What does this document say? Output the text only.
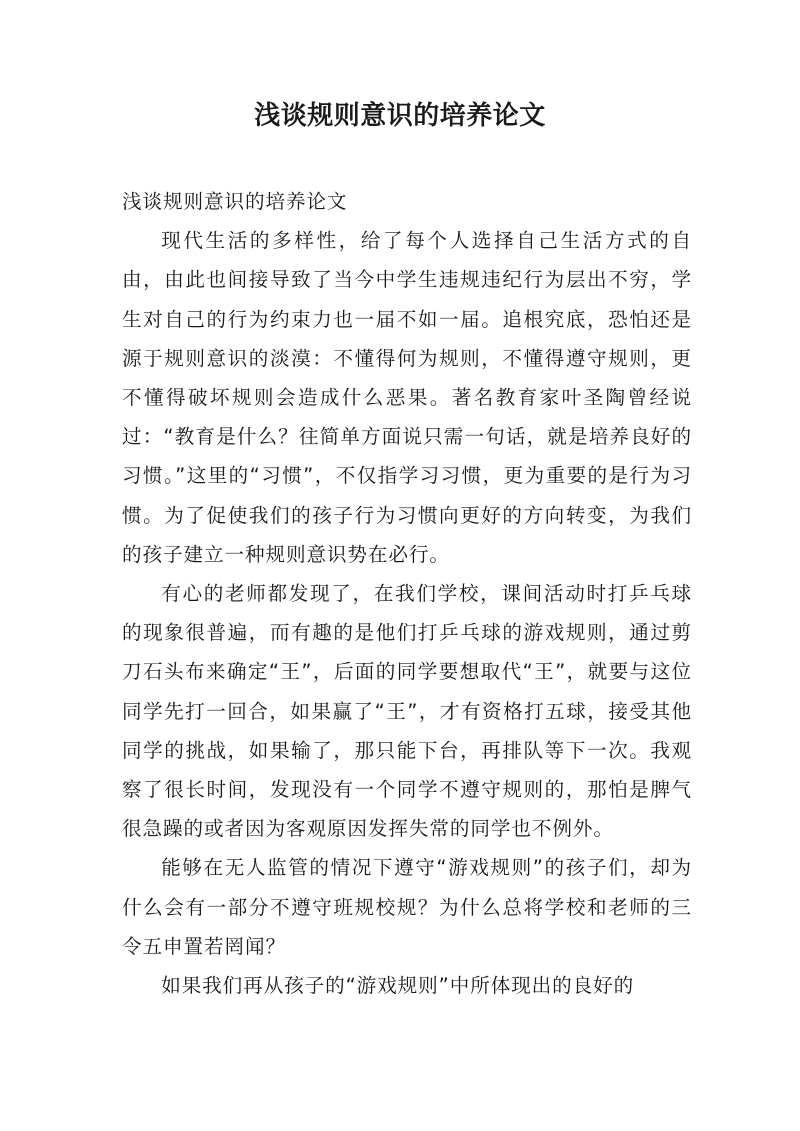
浅谈规则意识的培养论文

浅谈规则意识的培养论文

现代生活的多样性，给了每个人选择自己生活方式的自由，由此也间接导致了当今中学生违规违纪行为层出不穷，学生对自己的行为约束力也一届不如一届。追根究底，恐怕还是源于规则意识的淡漠：不懂得何为规则，不懂得遵守规则，更不懂得破坏规则会造成什么恶果。著名教育家叶圣陶曾经说过：“教育是什么？往简单方面说只需一句话，就是培养良好的习惯。”这里的“习惯”，不仅指学习习惯，更为重要的是行为习惯。为了促使我们的孩子行为习惯向更好的方向转变，为我们的孩子建立一种规则意识势在必行。

有心的老师都发现了，在我们学校，课间活动时打乒乓球的现象很普遍，而有趣的是他们打乒乓球的游戏规则，通过剪刀石头布来确定“王”，后面的同学要想取代“王”，就要与这位同学先打一回合，如果赢了“王”，才有资格打五球，接受其他同学的挑战，如果输了，那只能下台，再排队等下一次。我观察了很长时间，发现没有一个同学不遵守规则的，那怕是脾气很急躁的或者因为客观原因发挥失常的同学也不例外。

能够在无人监管的情况下遵守“游戏规则”的孩子们，却为什么会有一部分不遵守班规校规？为什么总将学校和老师的三令五申置若罔闻？

如果我们再从孩子的“游戏规则”中所体现出的良好的
